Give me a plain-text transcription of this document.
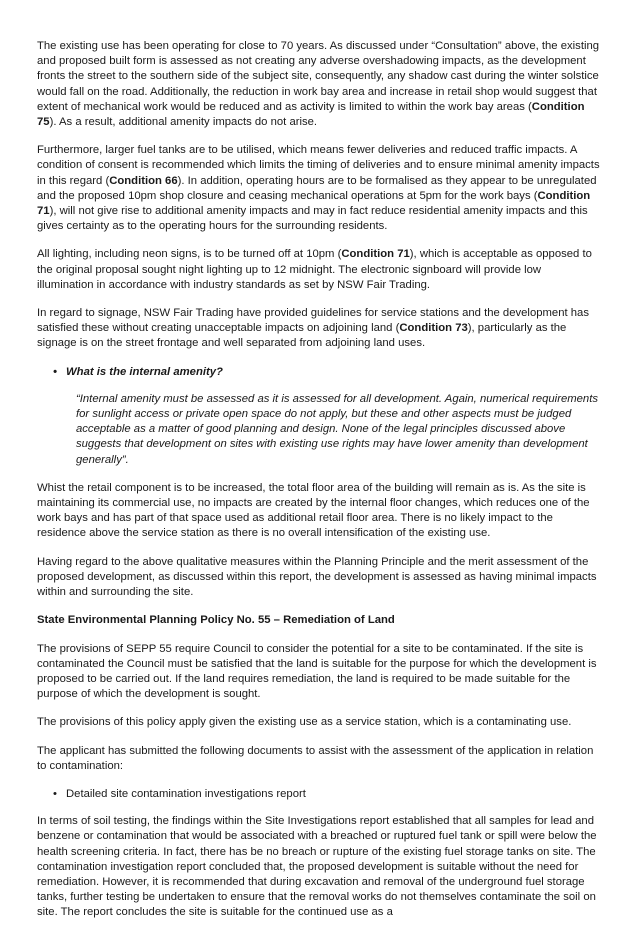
The existing use has been operating for close to 70 years. As discussed under “Consultation” above, the existing and proposed built form is assessed as not creating any adverse overshadowing impacts, as the development fronts the street to the southern side of the subject site, consequently, any shadow cast during the winter solstice would fall on the road. Additionally, the reduction in work bay area and increase in retail shop would suggest that extent of mechanical work would be reduced and as activity is limited to within the work bay areas (Condition 75). As a result, additional amenity impacts do not arise.

Furthermore, larger fuel tanks are to be utilised, which means fewer deliveries and reduced traffic impacts. A condition of consent is recommended which limits the timing of deliveries and to ensure minimal amenity impacts in this regard (Condition 66). In addition, operating hours are to be formalised as they appear to be unregulated and the proposed 10pm shop closure and ceasing mechanical operations at 5pm for the work bays (Condition 71), will not give rise to additional amenity impacts and may in fact reduce residential amenity impacts and this gives certainty as to the operating hours for the surrounding residents.

All lighting, including neon signs, is to be turned off at 10pm (Condition 71), which is acceptable as opposed to the original proposal sought night lighting up to 12 midnight. The electronic signboard will provide low illumination in accordance with industry standards as set by NSW Fair Trading.

In regard to signage, NSW Fair Trading have provided guidelines for service stations and the development has satisfied these without creating unacceptable impacts on adjoining land (Condition 73), particularly as the signage is on the street frontage and well separated from adjoining land uses.

• What is the internal amenity?
“Internal amenity must be assessed as it is assessed for all development. Again, numerical requirements for sunlight access or private open space do not apply, but these and other aspects must be judged acceptable as a matter of good planning and design. None of the legal principles discussed above suggests that development on sites with existing use rights may have lower amenity than development generally”.

Whist the retail component is to be increased, the total floor area of the building will remain as is. As the site is maintaining its commercial use, no impacts are created by the internal floor changes, which reduces one of the work bays and has part of that space used as additional retail floor area. There is no likely impact to the residence above the service station as there is no overall intensification of the existing use.

Having regard to the above qualitative measures within the Planning Principle and the merit assessment of the proposed development, as discussed within this report, the development is assessed as having minimal impacts within and surrounding the site.

State Environmental Planning Policy No. 55 – Remediation of Land

The provisions of SEPP 55 require Council to consider the potential for a site to be contaminated. If the site is contaminated the Council must be satisfied that the land is suitable for the purpose for which the development is proposed to be carried out. If the land requires remediation, the land is required to be made suitable for the purpose of which the development is sought.

The provisions of this policy apply given the existing use as a service station, which is a contaminating use.

The applicant has submitted the following documents to assist with the assessment of the application in relation to contamination:

• Detailed site contamination investigations report

In terms of soil testing, the findings within the Site Investigations report established that all samples for lead and benzene or contamination that would be associated with a breached or ruptured fuel tank or spill were below the health screening criteria. In fact, there has be no breach or rupture of the existing fuel storage tanks on site. The contamination investigation report concluded that, the proposed development is suitable without the need for remediation. However, it is recommended that during excavation and removal of the underground fuel storage tanks, further testing be undertaken to ensure that the removal works do not themselves contaminate the soil on site. The report concludes the site is suitable for the continued use as a
